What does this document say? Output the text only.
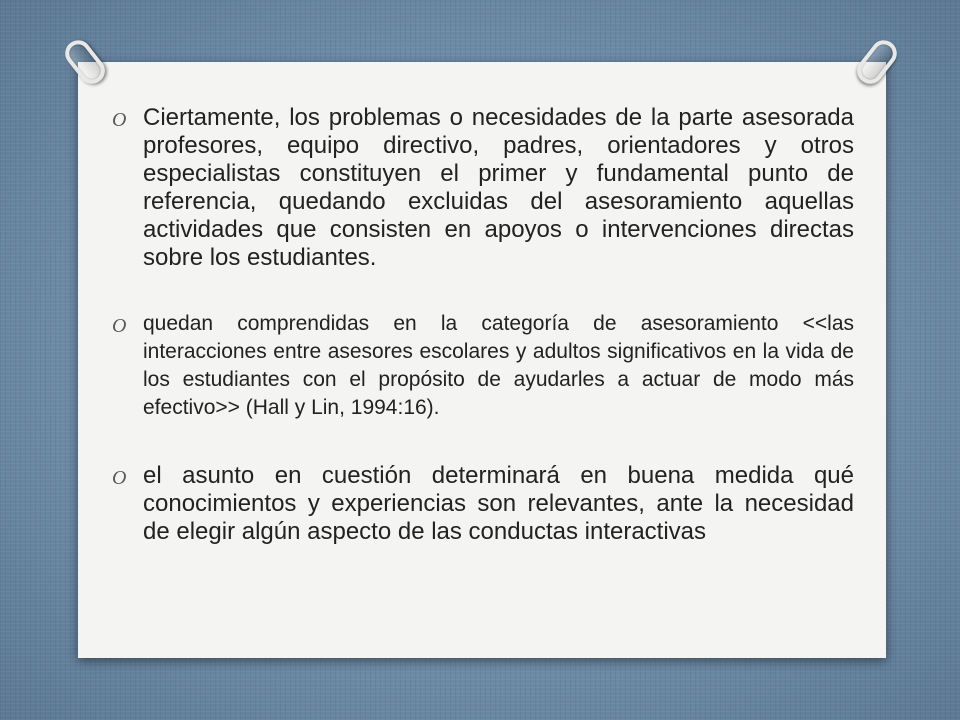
O Ciertamente, los problemas o necesidades de la parte asesorada profesores, equipo directivo, padres, orientadores y otros especialistas constituyen el primer y fundamental punto de referencia, quedando excluidas del asesoramiento aquellas actividades que consisten en apoyos o intervenciones directas sobre los estudiantes.
O quedan comprendidas en la categoría de asesoramiento <<las interacciones entre asesores escolares y adultos significativos en la vida de los estudiantes con el propósito de ayudarles a actuar de modo más efectivo>> (Hall y Lin, 1994:16).
O el asunto en cuestión determinará en buena medida qué conocimientos y experiencias son relevantes, ante la necesidad de elegir algún aspecto de las conductas interactivas
